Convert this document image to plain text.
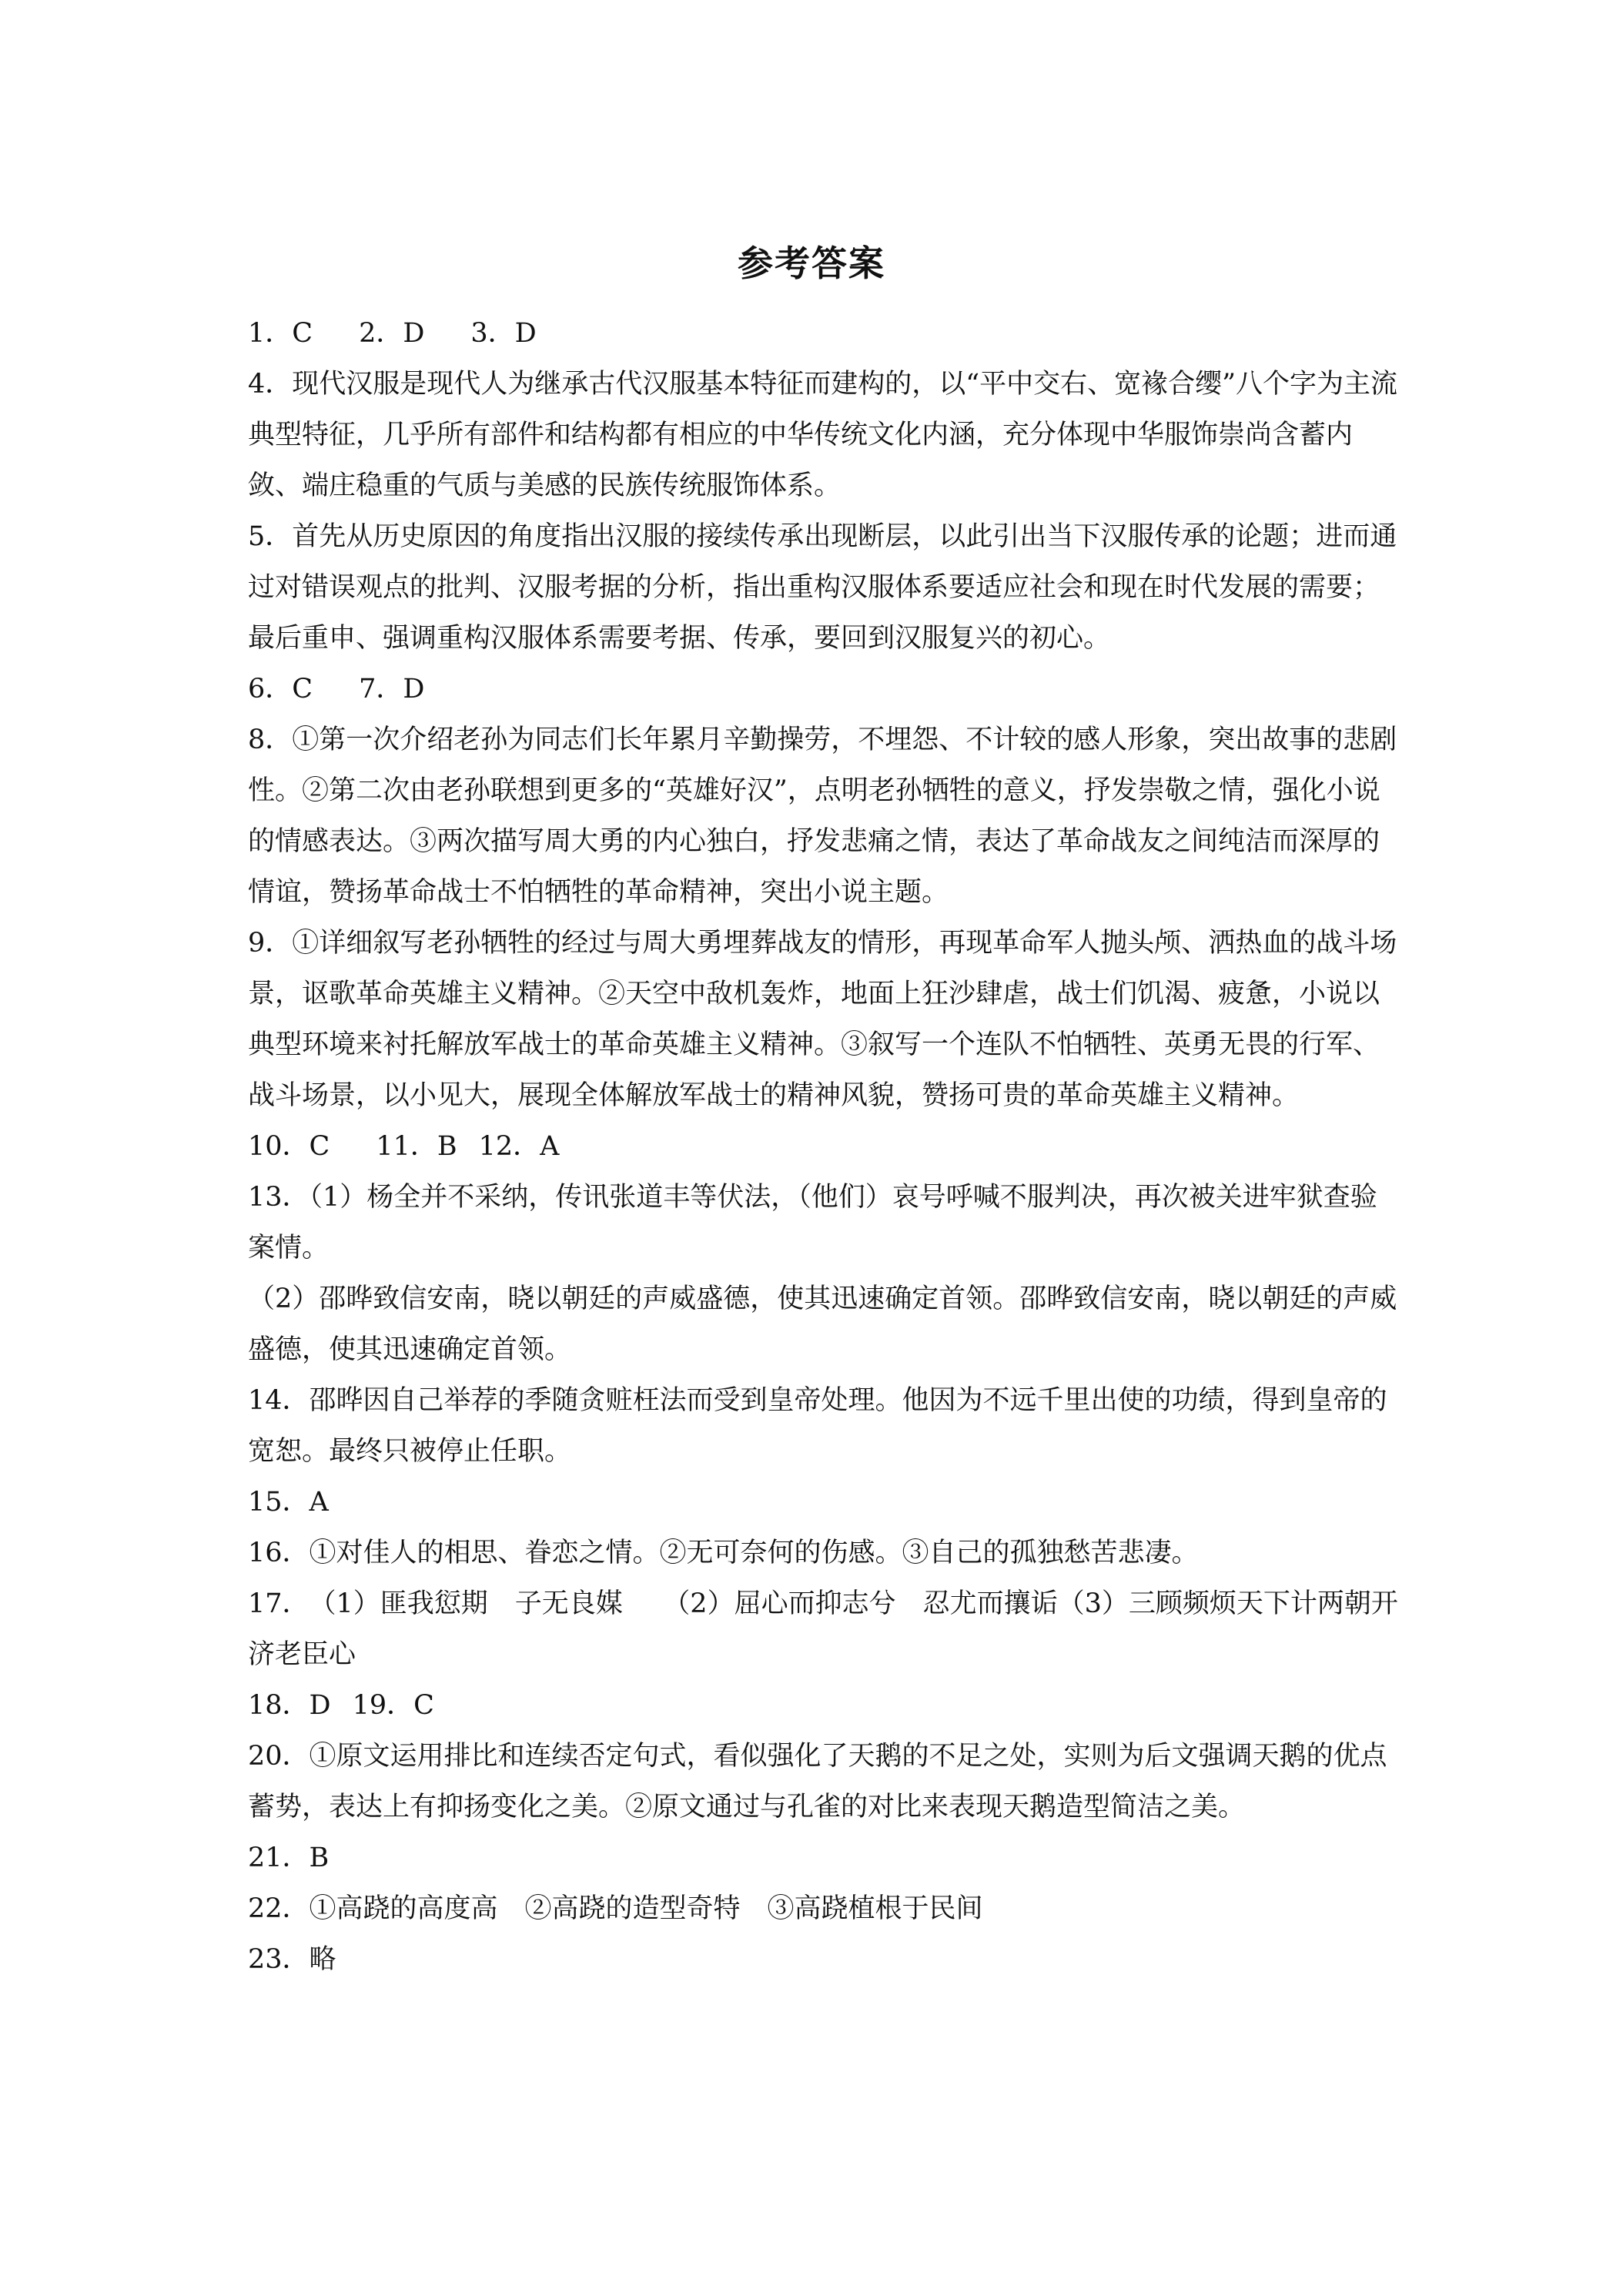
参考答案

1．C 2．D 3．D

4．现代汉服是现代人为继承古代汉服基本特征而建构的，以“平中交右、宽褖合缨”八个字为主流典型特征，几乎所有部件和结构都有相应的中华传统文化内涵，充分体现中华服饰崇尚含蓄内敛、端庄稳重的气质与美感的民族传统服饰体系。

5．首先从历史原因的角度指出汉服的接续传承出现断层，以此引出当下汉服传承的论题；进而通过对错误观点的批判、汉服考据的分析，指出重构汉服体系要适应社会和现在时代发展的需要；最后重申、强调重构汉服体系需要考据、传承，要回到汉服复兴的初心。

6．C 7．D

8．①第一次介绍老孙为同志们长年累月辛勤操劳，不埋怨、不计较的感人形象，突出故事的悲剧性。②第二次由老孙联想到更多的“英雄好汉”，点明老孙牺牲的意义，抒发崇敬之情，强化小说的情感表达。③两次描写周大勇的内心独白，抒发悲痛之情，表达了革命战友之间纯洁而深厚的情谊，赞扬革命战士不怕牺牲的革命精神，突出小说主题。

9．①详细叙写老孙牺牲的经过与周大勇埋葬战友的情形，再现革命军人抛头颅、洒热血的战斗场景，讴歌革命英雄主义精神。②天空中敌机轰炸，地面上狂沙肆虐，战士们饥渴、疲惫，小说以典型环境来衬托解放军战士的革命英雄主义精神。③叙写一个连队不怕牺牲、英勇无畏的行军、战斗场景，以小见大，展现全体解放军战士的精神风貌，赞扬可贵的革命英雄主义精神。

10．C 11．B 12．A

13．（1）杨全并不采纳，传讯张道丰等伏法，（他们）哀号呼喊不服判决，再次被关进牢狱查验案情。

（2）邵晔致信安南，晓以朝廷的声威盛德，使其迅速确定首领。邵晔致信安南，晓以朝廷的声威盛德，使其迅速确定首领。

14．邵晔因自己举荐的季随贪赃枉法而受到皇帝处理。他因为不远千里出使的功绩，得到皇帝的宽恕。最终只被停止任职。

15．A

16．①对佳人的相思、眷恋之情。②无可奈何的伤感。③自己的孤独愁苦悲凄。

17．　（1）匪我愆期　子无良媒　　（2）屈心而抑志兮　忍尤而攘诟（3）三顾频烦天下计两朝开济老臣心

18．D 19．C

20．①原文运用排比和连续否定句式，看似强化了天鹅的不足之处，实则为后文强调天鹅的优点蓄势，表达上有抑扬变化之美。②原文通过与孔雀的对比来表现天鹅造型简洁之美。

21．B

22．①高跷的高度高　②高跷的造型奇特　③高跷植根于民间

23．略
